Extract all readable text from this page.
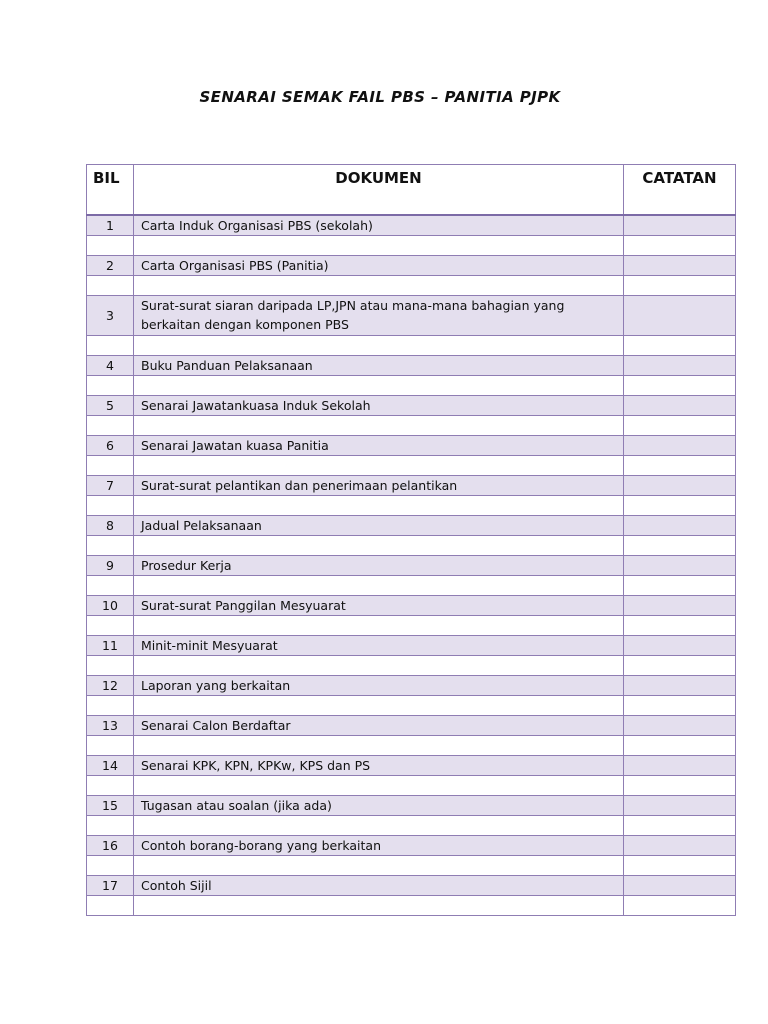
SENARAI SEMAK FAIL PBS – PANITIA PJPK
BIL	DOKUMEN	CATATAN
1	Carta Induk Organisasi PBS (sekolah)	

2	Carta Organisasi PBS (Panitia)	

3	Surat-surat siaran daripada LP,JPN atau mana-mana bahagian yang berkaitan dengan komponen PBS	

4	Buku Panduan Pelaksanaan	

5	Senarai Jawatankuasa Induk Sekolah	

6	Senarai Jawatan kuasa Panitia	

7	Surat-surat pelantikan dan penerimaan pelantikan	

8	Jadual Pelaksanaan	

9	Prosedur Kerja	

10	Surat-surat Panggilan Mesyuarat	

11	Minit-minit Mesyuarat	

12	Laporan yang berkaitan	

13	Senarai Calon Berdaftar	

14	Senarai KPK, KPN, KPKw, KPS dan PS	

15	Tugasan atau soalan (jika ada)	

16	Contoh borang-borang yang berkaitan	

17	Contoh Sijil	
